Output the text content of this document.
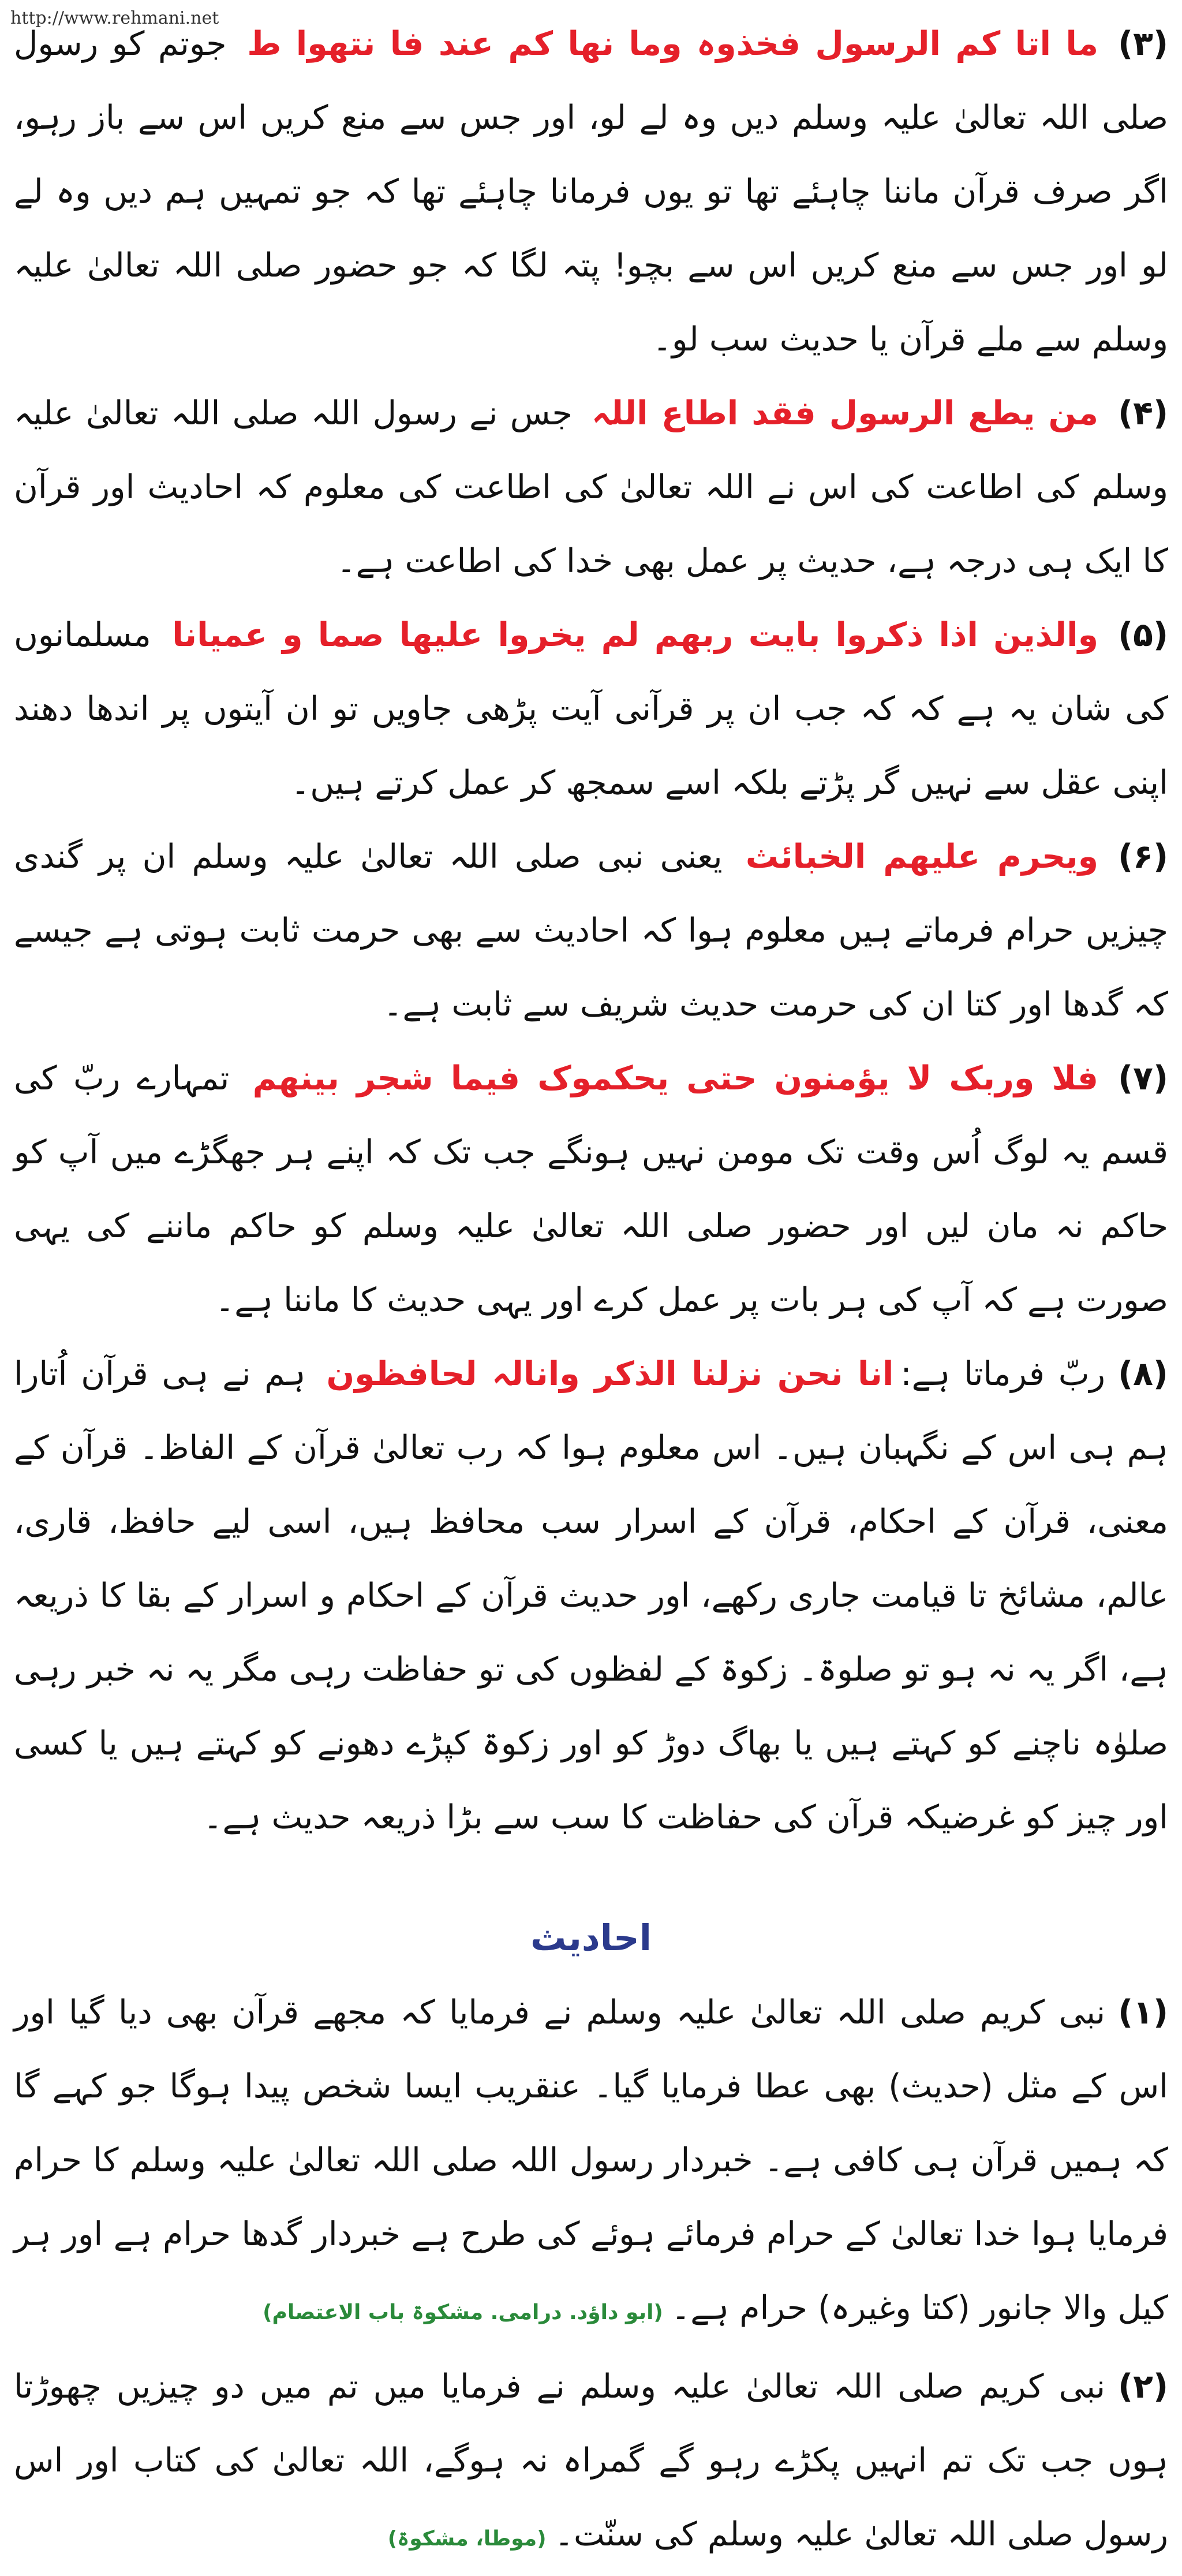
http://www.rehmani.net

(۳)ما اتا کم الرسول فخذوہ وما نھا کم عند فا نتھوا ط جوتم کو رسول صلی اللہ تعالیٰ علیہ وسلم دیں وہ لے لو، اور جس سے منع کریں اس سے باز رہو، اگر صرف قرآن ماننا چاہئے تھا تو یوں فرمانا چاہئے تھا کہ جو تمہیں ہم دیں وہ لے لو اور جس سے منع کریں اس سے بچو! پتہ لگا کہ جو حضور صلی اللہ تعالیٰ علیہ وسلم سے ملے قرآن یا حدیث سب لو۔

(۴)من یطع الرسول فقد اطاع اللہ جس نے رسول اللہ صلی اللہ تعالیٰ علیہ وسلم کی اطاعت کی اس نے اللہ تعالیٰ کی اطاعت کی معلوم کہ احادیث اور قرآن کا ایک ہی درجہ ہے، حدیث پر عمل بھی خدا کی اطاعت ہے۔

(۵)والذین اذا ذکروا بایت ربھم لم یخروا علیھا صما و عمیانا مسلمانوں کی شان یہ ہے کہ کہ جب ان پر قرآنی آیت پڑھی جاویں تو ان آیتوں پر اندھا دھند اپنی عقل سے نہیں گر پڑتے بلکہ اسے سمجھ کر عمل کرتے ہیں۔

(۶)ویحرم علیھم الخبائث یعنی نبی صلی اللہ تعالیٰ علیہ وسلم ان پر گندی چیزیں حرام فرماتے ہیں معلوم ہوا کہ احادیث سے بھی حرمت ثابت ہوتی ہے جیسے کہ گدھا اور کتا ان کی حرمت حدیث شریف سے ثابت ہے۔

(۷)فلا وربک لا یؤمنون حتی یحکموک فیما شجر بینھم تمہارے ربّ کی قسم یہ لوگ اُس وقت تک مومن نہیں ہونگے جب تک کہ اپنے ہر جھگڑے میں آپ کو حاکم نہ مان لیں اور حضور صلی اللہ تعالیٰ علیہ وسلم کو حاکم ماننے کی یہی صورت ہے کہ آپ کی ہر بات پر عمل کرے اور یہی حدیث کا ماننا ہے۔

(۸)ربّ فرماتا ہے:انا نحن نزلنا الذکر وانالہ لحافظون ہم نے ہی قرآن اُتارا ہم ہی اس کے نگہبان ہیں۔ اس معلوم ہوا کہ رب تعالیٰ قرآن کے الفاظ۔ قرآن کے معنی، قرآن کے احکام، قرآن کے اسرار سب محافظ ہیں، اسی لیے حافظ، قاری، عالم، مشائخ تا قیامت جاری رکھے، اور حدیث قرآن کے احکام و اسرار کے بقا کا ذریعہ ہے، اگر یہ نہ ہو تو صلوۃ۔ زکوۃ کے لفظوں کی تو حفاظت رہی مگر یہ نہ خبر رہی صلوٰہ ناچنے کو کہتے ہیں یا بھاگ دوڑ کو اور زکوۃ کپڑے دھونے کو کہتے ہیں یا کسی اور چیز کو غرضیکہ قرآن کی حفاظت کا سب سے بڑا ذریعہ حدیث ہے۔

احادیث

(۱)نبی کریم صلی اللہ تعالیٰ علیہ وسلم نے فرمایا کہ مجھے قرآن بھی دیا گیا اور اس کے مثل (حدیث) بھی عطا فرمایا گیا۔ عنقریب ایسا شخص پیدا ہوگا جو کہے گا کہ ہمیں قرآن ہی کافی ہے۔ خبردار رسول اللہ صلی اللہ تعالیٰ علیہ وسلم کا حرام فرمایا ہوا خدا تعالیٰ کے حرام فرمائے ہوئے کی طرح ہے خبردار گدھا حرام ہے اور ہر کیل والا جانور (کتا وغیرہ) حرام ہے۔(ابو داؤد. درامی. مشکوۃ باب الاعتصام)

(۲)نبی کریم صلی اللہ تعالیٰ علیہ وسلم نے فرمایا میں تم میں دو چیزیں چھوڑتا ہوں جب تک تم انہیں پکڑے رہو گے گمراہ نہ ہوگے، اللہ تعالیٰ کی کتاب اور اس رسول صلی اللہ تعالیٰ علیہ وسلم کی سنّت۔(موطا، مشکوۃ)
